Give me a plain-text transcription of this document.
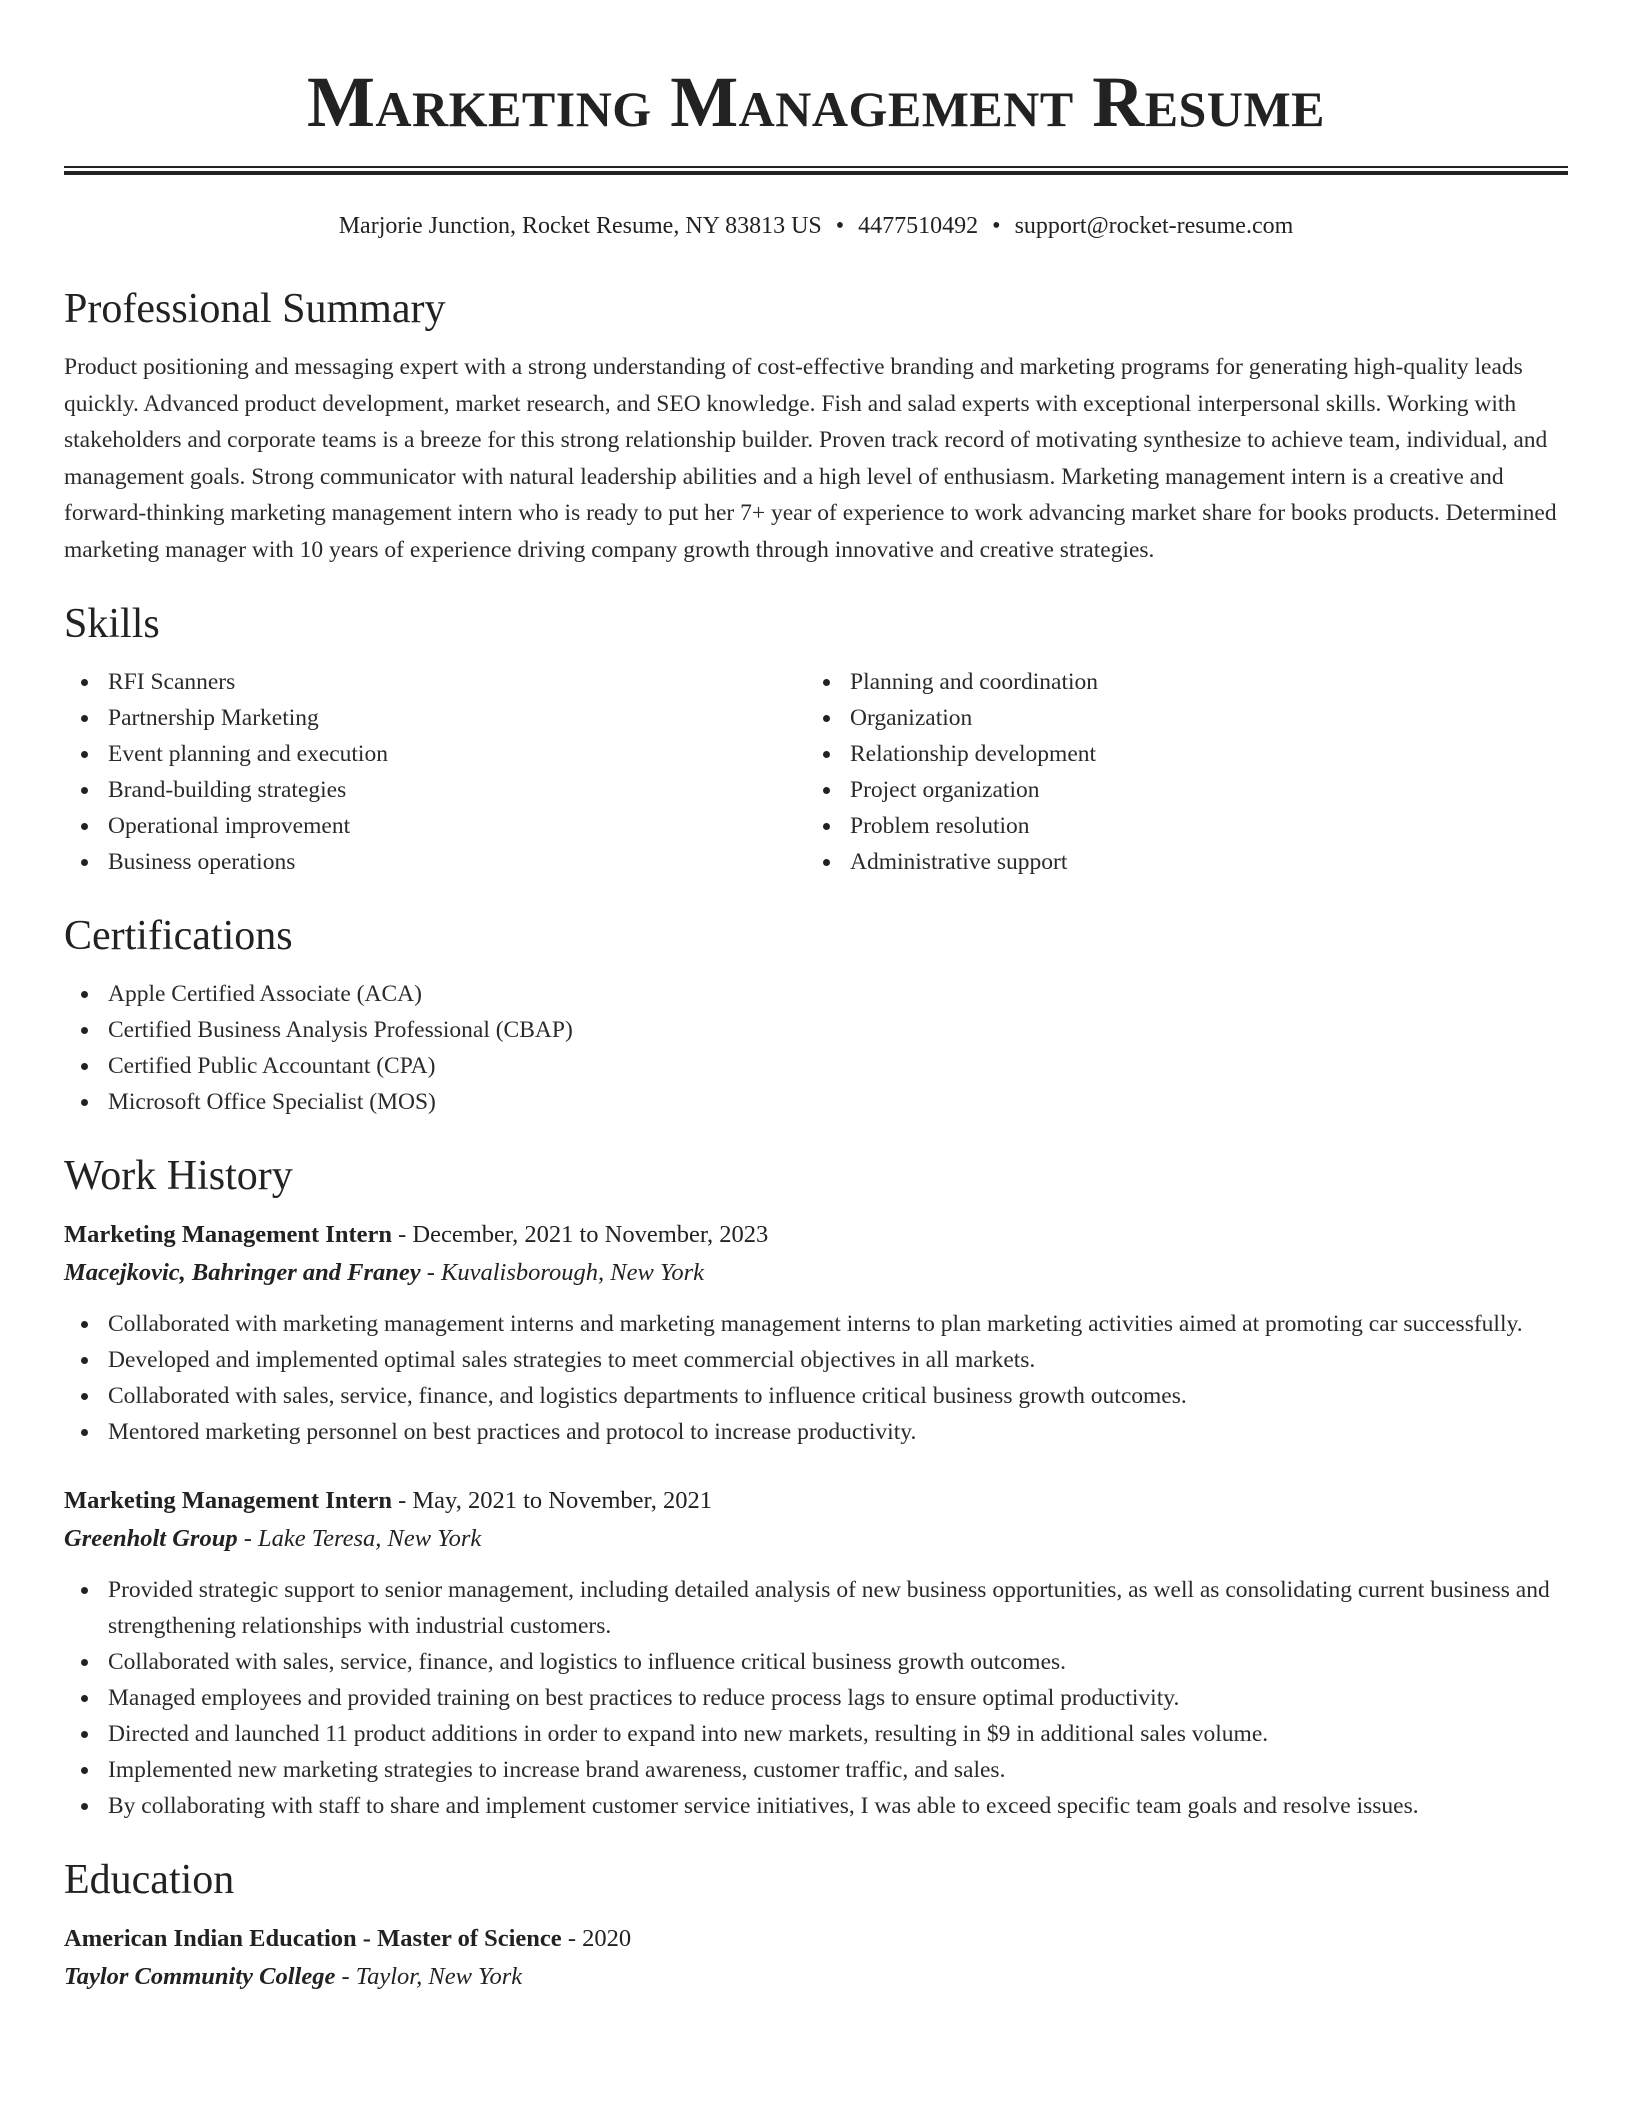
Marketing Management Resume
Marjorie Junction, Rocket Resume, NY 83813 US • 4477510492 • support@rocket-resume.com
Professional Summary

Product positioning and messaging expert with a strong understanding of cost-effective branding and marketing programs for generating high-quality leads quickly. Advanced product development, market research, and SEO knowledge. Fish and salad experts with exceptional interpersonal skills. Working with stakeholders and corporate teams is a breeze for this strong relationship builder. Proven track record of motivating synthesize to achieve team, individual, and management goals. Strong communicator with natural leadership abilities and a high level of enthusiasm. Marketing management intern is a creative and forward-thinking marketing management intern who is ready to put her 7+ year of experience to work advancing market share for books products. Determined marketing manager with 10 years of experience driving company growth through innovative and creative strategies.

Skills
RFI Scanners
Partnership Marketing
Event planning and execution
Brand-building strategies
Operational improvement
Business operations
Planning and coordination
Organization
Relationship development
Project organization
Problem resolution
Administrative support
Certifications
Apple Certified Associate (ACA)
Certified Business Analysis Professional (CBAP)
Certified Public Accountant (CPA)
Microsoft Office Specialist (MOS)
Work History
Marketing Management Intern - December, 2021 to November, 2023
Macejkovic, Bahringer and Franey - Kuvalisborough, New York
Collaborated with marketing management interns and marketing management interns to plan marketing activities aimed at promoting car successfully.
Developed and implemented optimal sales strategies to meet commercial objectives in all markets.
Collaborated with sales, service, finance, and logistics departments to influence critical business growth outcomes.
Mentored marketing personnel on best practices and protocol to increase productivity.
Marketing Management Intern - May, 2021 to November, 2021
Greenholt Group - Lake Teresa, New York
Provided strategic support to senior management, including detailed analysis of new business opportunities, as well as consolidating current business and strengthening relationships with industrial customers.
Collaborated with sales, service, finance, and logistics to influence critical business growth outcomes.
Managed employees and provided training on best practices to reduce process lags to ensure optimal productivity.
Directed and launched 11 product additions in order to expand into new markets, resulting in $9 in additional sales volume.
Implemented new marketing strategies to increase brand awareness, customer traffic, and sales.
By collaborating with staff to share and implement customer service initiatives, I was able to exceed specific team goals and resolve issues.
Education
American Indian Education - Master of Science - 2020
Taylor Community College - Taylor, New York
